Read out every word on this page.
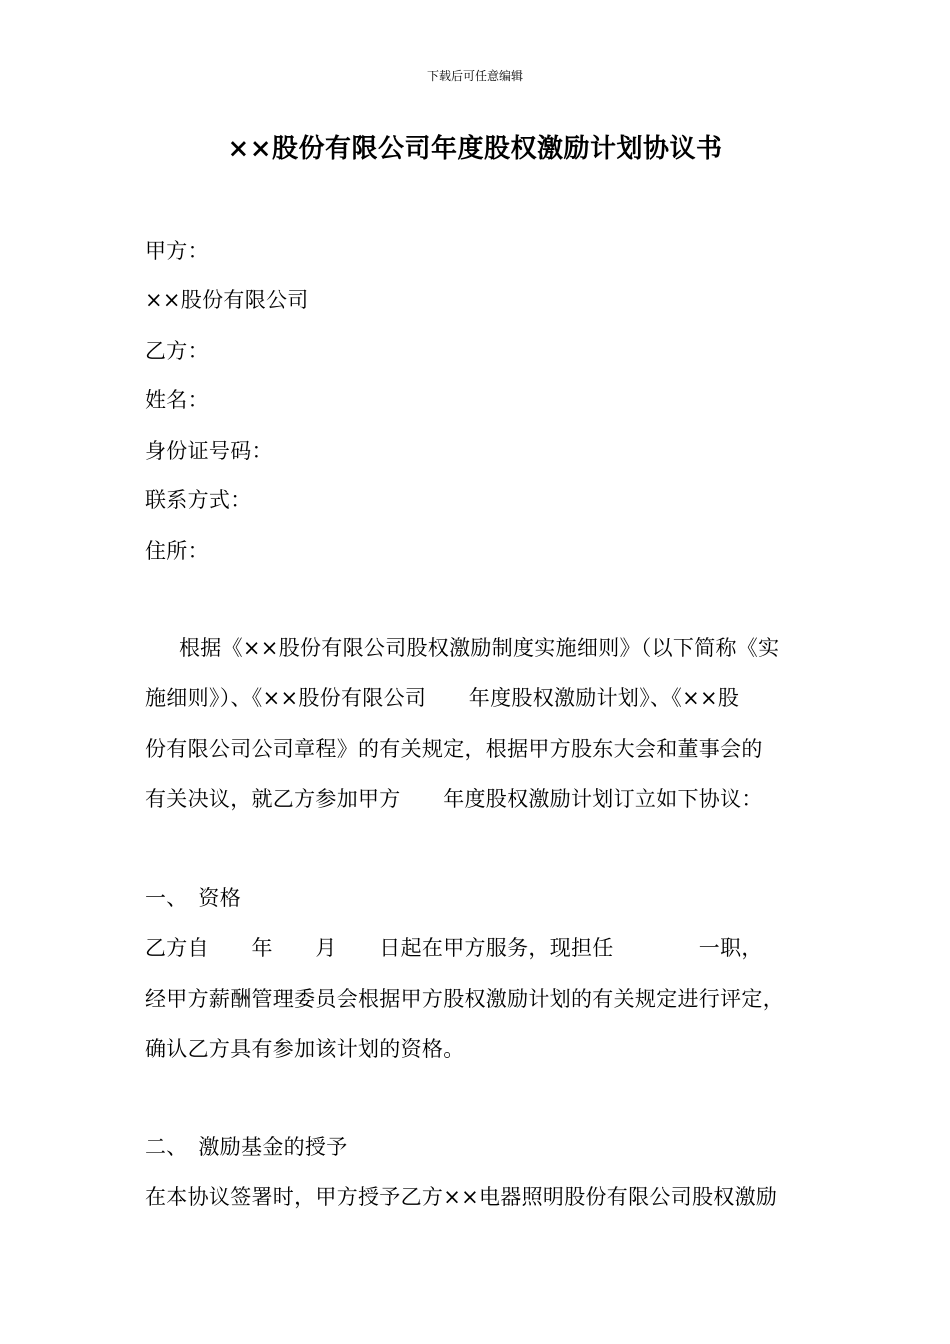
下载后可任意编辑
××股份有限公司年度股权激励计划协议书
甲方：
××股份有限公司
乙方：
姓名：
身份证号码：
联系方式：
住所：
根据《××股份有限公司股权激励制度实施细则》（以下简称《实
施细则》）、《××股份有限公司　　年度股权激励计划》、《××股
份有限公司公司章程》的有关规定，根据甲方股东大会和董事会的
有关决议，就乙方参加甲方　　年度股权激励计划订立如下协议：
一、　资格
乙方自　　年　　月　　日起在甲方服务，现担任　　　　一职，
经甲方薪酬管理委员会根据甲方股权激励计划的有关规定进行评定，
确认乙方具有参加该计划的资格。
二、　激励基金的授予
在本协议签署时，甲方授予乙方××电器照明股份有限公司股权激励
